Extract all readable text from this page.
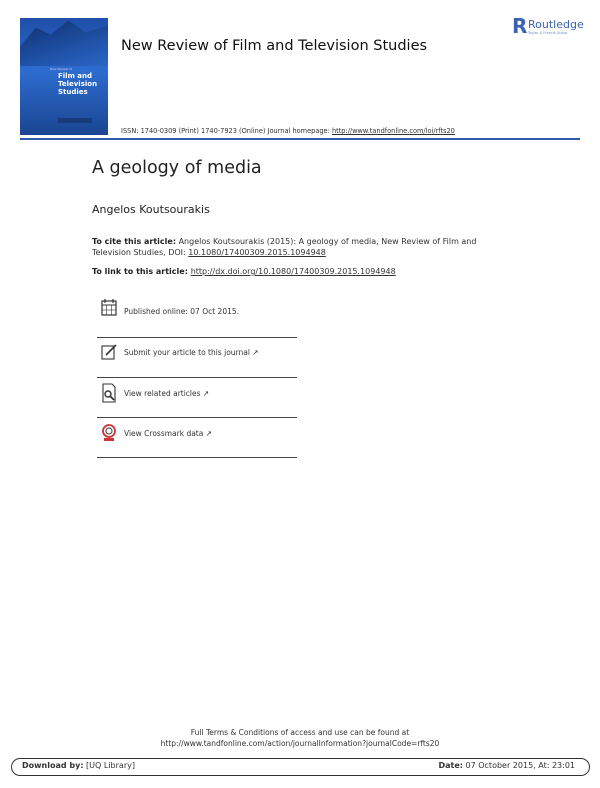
New Review of
Film and
Television
Studies
New Review of Film and Television Studies
R Routledge
Taylor & Francis Group
ISSN: 1740-0309 (Print) 1740-7923 (Online) Journal homepage: http://www.tandfonline.com/loi/rfts20
A geology of media
Angelos Koutsourakis
To cite this article: Angelos Koutsourakis (2015): A geology of media, New Review of Film and Television Studies, DOI: 10.1080/17400309.2015.1094948
To link to this article: http://dx.doi.org/10.1080/17400309.2015.1094948
Published online: 07 Oct 2015.
Submit your article to this journal ↗
View related articles ↗
View Crossmark data ↗
Full Terms & Conditions of access and use can be found at
http://www.tandfonline.com/action/journalInformation?journalCode=rfts20
Download by: [UQ Library]	Date: 07 October 2015, At: 23:01
